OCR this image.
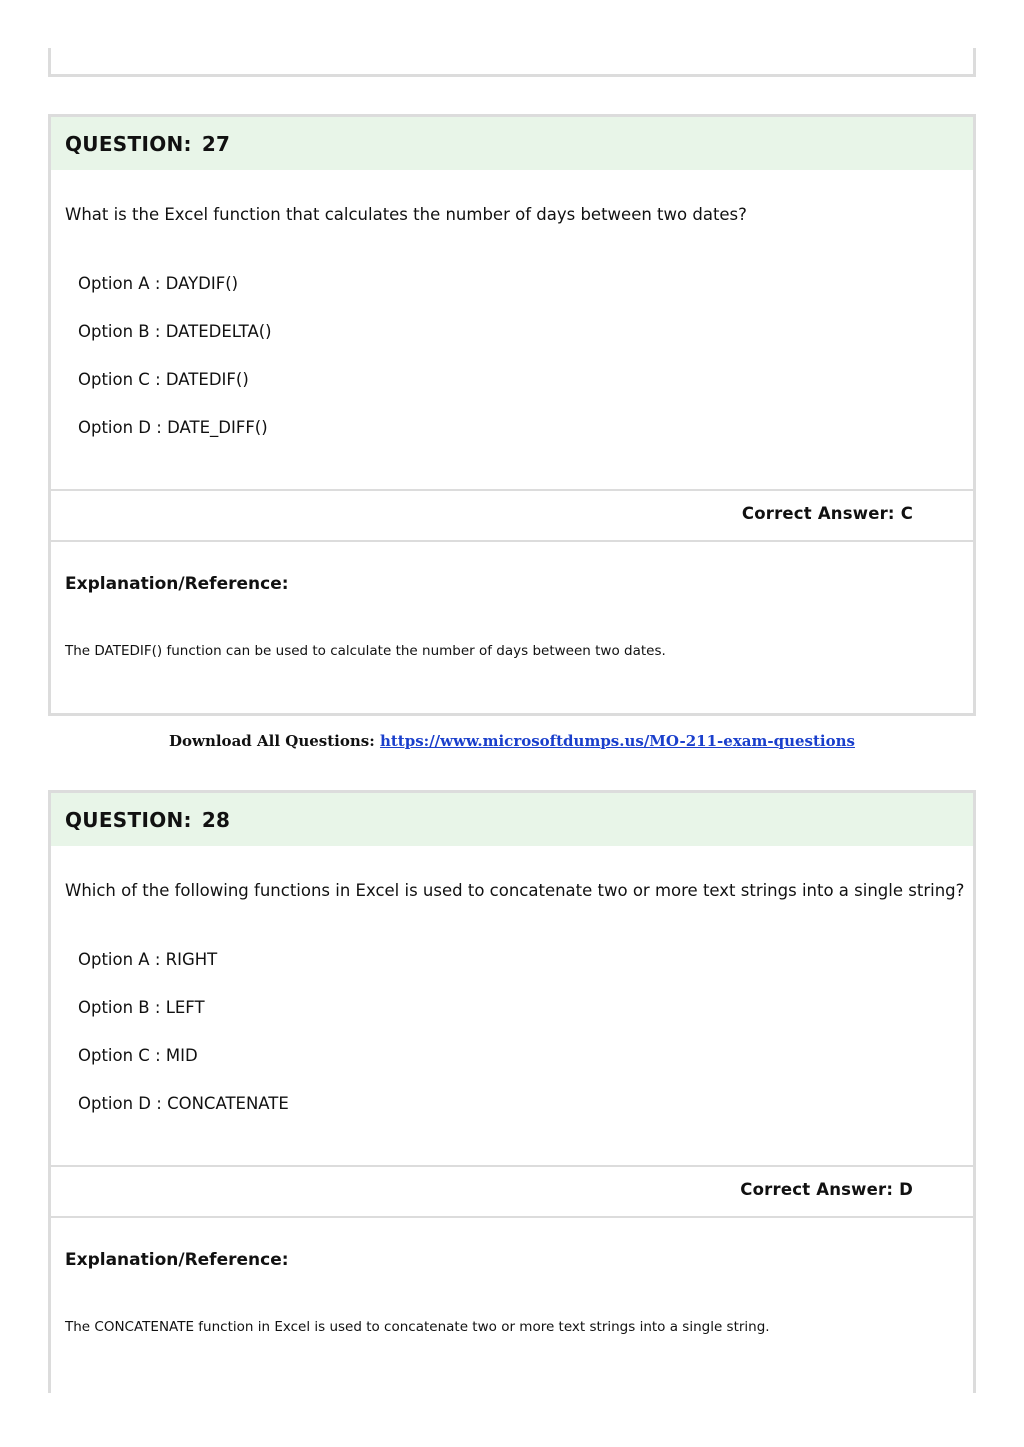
QUESTION: 27
What is the Excel function that calculates the number of days between two dates?
Option A : DAYDIF()
Option B : DATEDELTA()
Option C : DATEDIF()
Option D : DATE_DIFF()
Correct Answer: C
Explanation/Reference:
The DATEDIF() function can be used to calculate the number of days between two dates.
Download All Questions: https://www.microsoftdumps.us/MO-211-exam-questions
QUESTION: 28
Which of the following functions in Excel is used to concatenate two or more text strings into a single string?
Option A : RIGHT
Option B : LEFT
Option C : MID
Option D : CONCATENATE
Correct Answer: D
Explanation/Reference:
The CONCATENATE function in Excel is used to concatenate two or more text strings into a single string.
